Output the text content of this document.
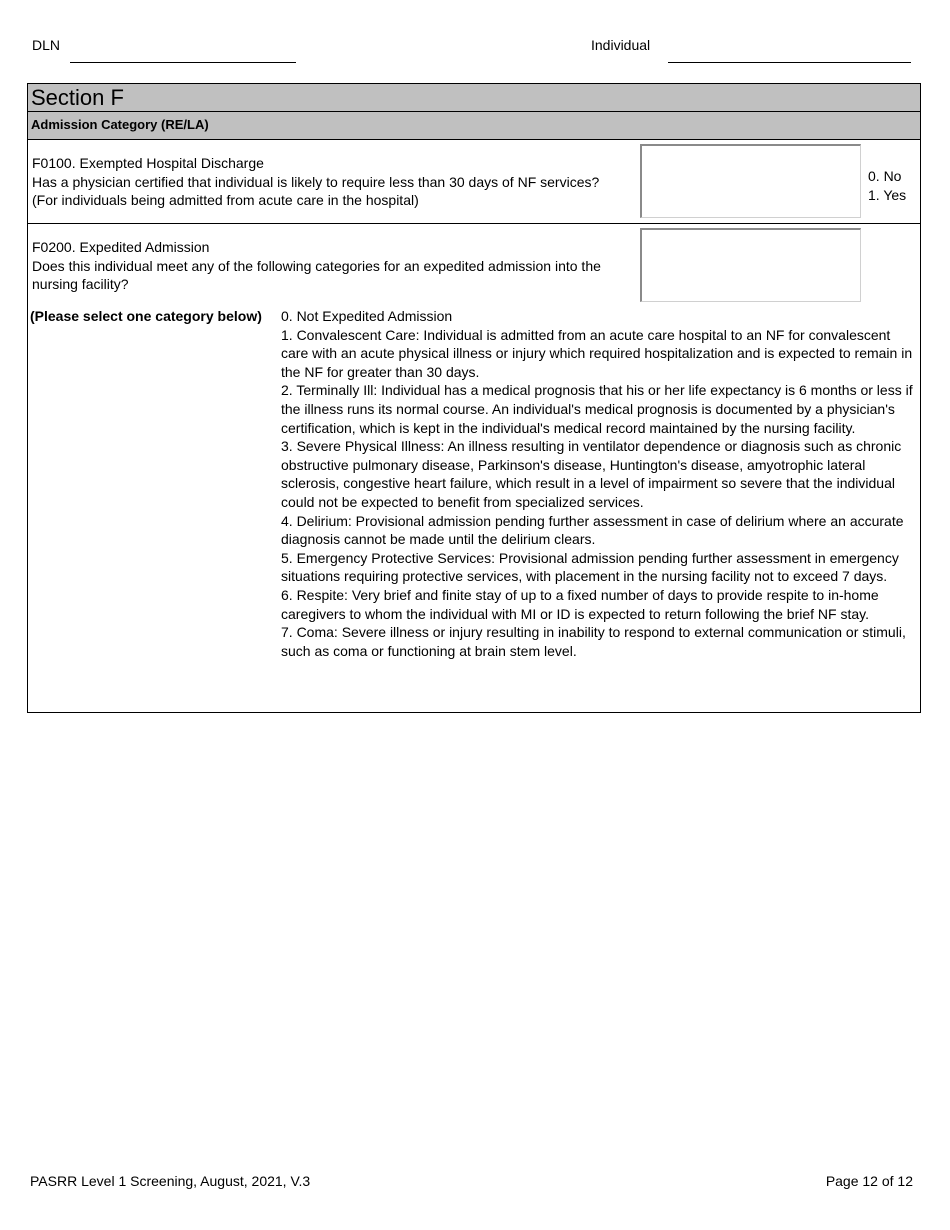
DLN	Individual
Section F
Admission Category (RE/LA)
F0100. Exempted Hospital Discharge
Has a physician certified that individual is likely to require less than 30 days of NF services?
(For individuals being admitted from acute care in the hospital)
0. No
1. Yes
F0200. Expedited Admission
Does this individual meet any of the following categories for an expedited admission into the nursing facility?
(Please select one category below) 0. Not Expedited Admission
1. Convalescent Care: Individual is admitted from an acute care hospital to an NF for convalescent care with an acute physical illness or injury which required hospitalization and is expected to remain in the NF for greater than 30 days.
2. Terminally Ill: Individual has a medical prognosis that his or her life expectancy is 6 months or less if the illness runs its normal course. An individual's medical prognosis is documented by a physician's certification, which is kept in the individual's medical record maintained by the nursing facility.
3. Severe Physical Illness: An illness resulting in ventilator dependence or diagnosis such as chronic obstructive pulmonary disease, Parkinson's disease, Huntington's disease, amyotrophic lateral sclerosis, congestive heart failure, which result in a level of impairment so severe that the individual could not be expected to benefit from specialized services.
4. Delirium: Provisional admission pending further assessment in case of delirium where an accurate diagnosis cannot be made until the delirium clears.
5. Emergency Protective Services: Provisional admission pending further assessment in emergency situations requiring protective services, with placement in the nursing facility not to exceed 7 days.
6. Respite: Very brief and finite stay of up to a fixed number of days to provide respite to in-home caregivers to whom the individual with MI or ID is expected to return following the brief NF stay.
7. Coma: Severe illness or injury resulting in inability to respond to external communication or stimuli, such as coma or functioning at brain stem level.
PASRR Level 1 Screening, August, 2021, V.3	Page 12 of 12
